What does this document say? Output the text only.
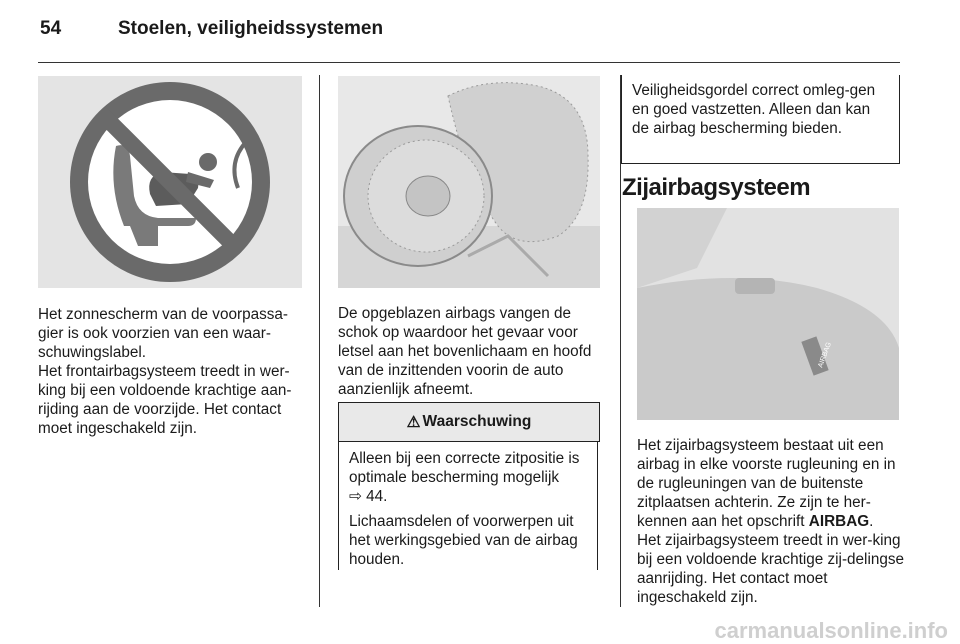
54	Stoelen, veiligheidssystemen

Het zonnescherm van de voorpassa-gier is ook voorzien van een waar-schuwingslabel.

Het frontairbagsysteem treedt in wer-king bij een voldoende krachtige aan-rijding aan de voorzijde. Het contact moet ingeschakeld zijn.

De opgeblazen airbags vangen de schok op waardoor het gevaar voor letsel aan het bovenlichaam en hoofd van de inzittenden voorin de auto aanzienlijk afneemt.

⚠ Waarschuwing

Alleen bij een correcte zitpositie is optimale bescherming mogelijk
⇨ 44.

Lichaamsdelen of voorwerpen uit het werkingsgebied van de airbag houden.

Veiligheidsgordel correct omleg-gen en goed vastzetten. Alleen dan kan de airbag bescherming bieden.

Zijairbagsysteem
AIRBAG

Het zijairbagsysteem bestaat uit een airbag in elke voorste rugleuning en in de rugleuningen van de buitenste zitplaatsen achterin. Ze zijn te her-kennen aan het opschrift AIRBAG.

Het zijairbagsysteem treedt in wer-king bij een voldoende krachtige zij-delingse aanrijding. Het contact moet ingeschakeld zijn.

carmanualsonline.info
